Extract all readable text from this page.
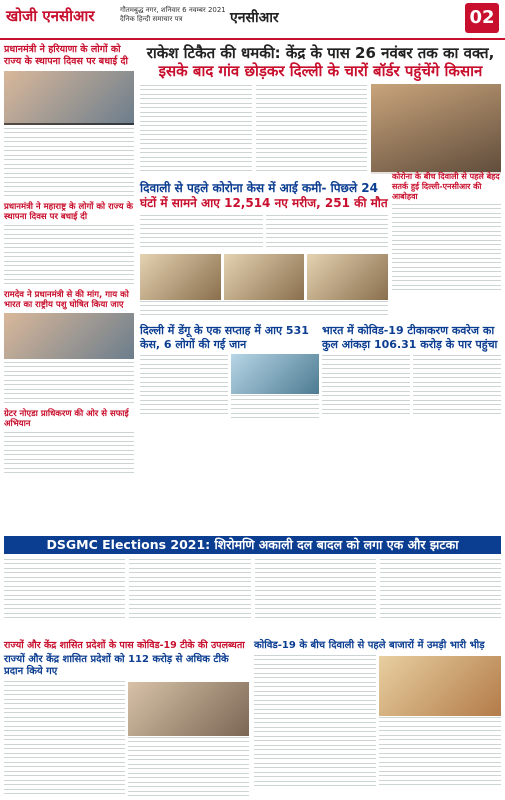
खोजी एनसीआर	गौतमबुद्ध नगर, शनिवार 6 नवम्बर 2021
दैनिक हिन्दी समाचार पत्र	एनसीआर	02
प्रधानमंत्री ने हरियाणा के लोगों को राज्य के स्थापना दिवस पर बधाई दी
प्रधानमंत्री ने महाराष्ट्र के लोगों को राज्य के स्थापना दिवस पर बधाई दी
रामदेव ने प्रधानमंत्री से की मांग, गाय को भारत का राष्ट्रीय पशु घोषित किया जाए
ग्रेटर नोएडा प्राधिकरण की ओर से सफाई अभियान
राकेश टिकैत की धमकी: केंद्र के पास 26 नवंबर तक का वक्त,
इसके बाद गांव छोड़कर दिल्ली के चारों बॉर्डर पहुंचेंगे किसान
दिवाली से पहले कोरोना केस में आई कमी- पिछले 24 घंटों में सामने आए 12,514 नए मरीज, 251 की मौत
दिल्ली में डेंगू के एक सप्ताह में आए 531 केस, 6 लोगों की गई जान
भारत में कोविड-19 टीकाकरण कवरेज का कुल आंकड़ा 106.31 करोड़ के पार पहुंचा
कोरोना के बीच दिवाली से पहले बेहद सतर्क हुई दिल्ली-एनसीआर की आबोहवा
DSGMC Elections 2021: शिरोमणि अकाली दल बादल को लगा एक और झटका
राज्यों और केंद्र शासित प्रदेशों के पास कोविड-19 टीके की उपलब्धता
राज्यों और केंद्र शासित प्रदेशों को 112 करोड़ से अधिक टीके प्रदान किये गए
कोविड-19 के बीच दिवाली से पहले बाजारों में उमड़ी भारी भीड़
